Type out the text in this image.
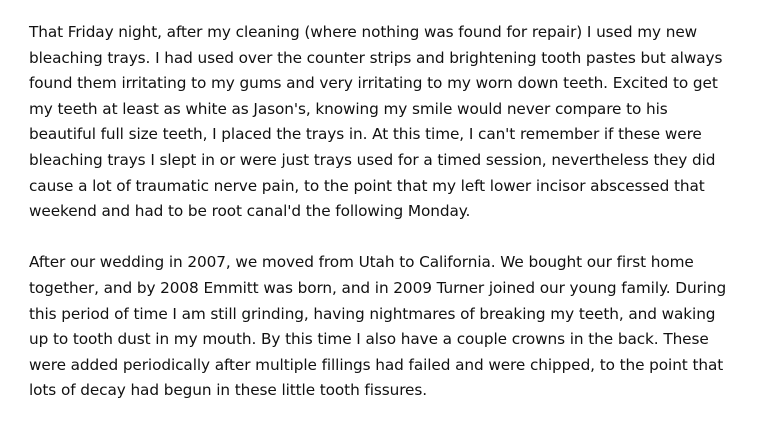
That Friday night, after my cleaning (where nothing was found for repair) I used my new bleaching trays. I had used over the counter strips and brightening tooth pastes but always found them irritating to my gums and very irritating to my worn down teeth. Excited to get my teeth at least as white as Jason's, knowing my smile would never compare to his beautiful full size teeth, I placed the trays in. At this time, I can't remember if these were bleaching trays I slept in or were just trays used for a timed session, nevertheless they did cause a lot of traumatic nerve pain, to the point that my left lower incisor abscessed that weekend and had to be root canal'd the following Monday.

After our wedding in 2007, we moved from Utah to California. We bought our first home together, and by 2008 Emmitt was born, and in 2009 Turner joined our young family. During this period of time I am still grinding, having nightmares of breaking my teeth, and waking up to tooth dust in my mouth. By this time I also have a couple crowns in the back. These were added periodically after multiple fillings had failed and were chipped, to the point that lots of decay had begun in these little tooth fissures.
